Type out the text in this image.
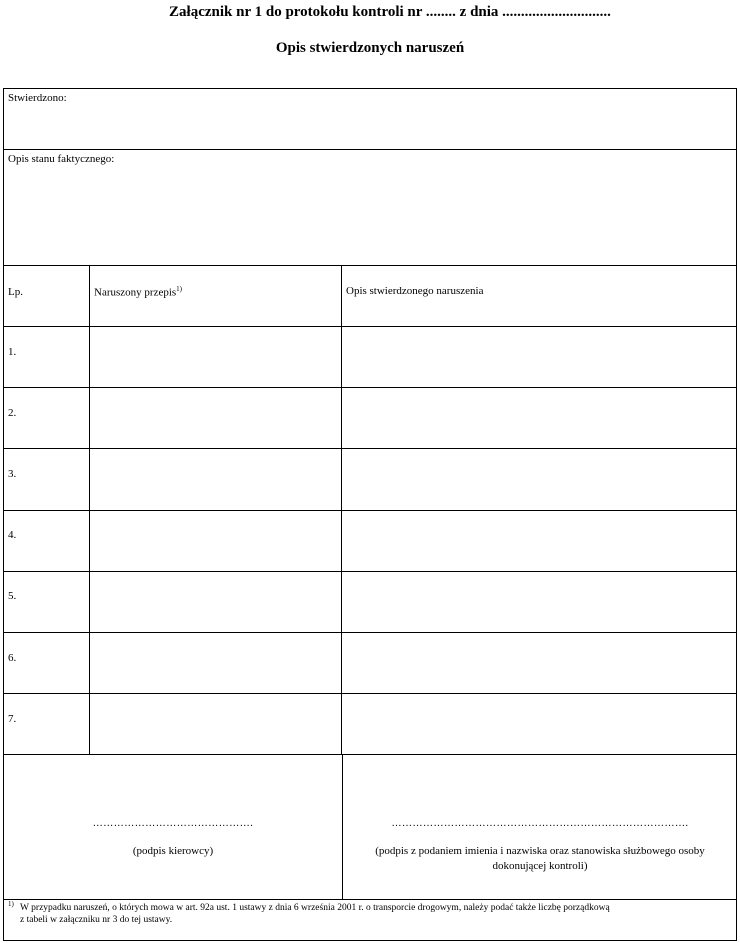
Załącznik nr 1 do protokołu kontroli nr ........ z dnia .............................
Opis stwierdzonych naruszeń
Stwierdzono:
Opis stanu faktycznego:
Lp.	Naruszony przepis$^{1)}$	Opis stwierdzonego naruszenia
1.
2.
3.
4.
5.
6.
7.
……………………………………….
(podpis kierowcy)
………………………………………………………………………….
(podpis z podaniem imienia i nazwiska oraz stanowiska służbowego osoby
dokonującej kontroli)
1) W przypadku naruszeń, o których mowa w art. 92a ust. 1 ustawy z dnia 6 września 2001 r. o transporcie drogowym, należy podać także liczbę porządkową
z tabeli w załączniku nr 3 do tej ustawy.
